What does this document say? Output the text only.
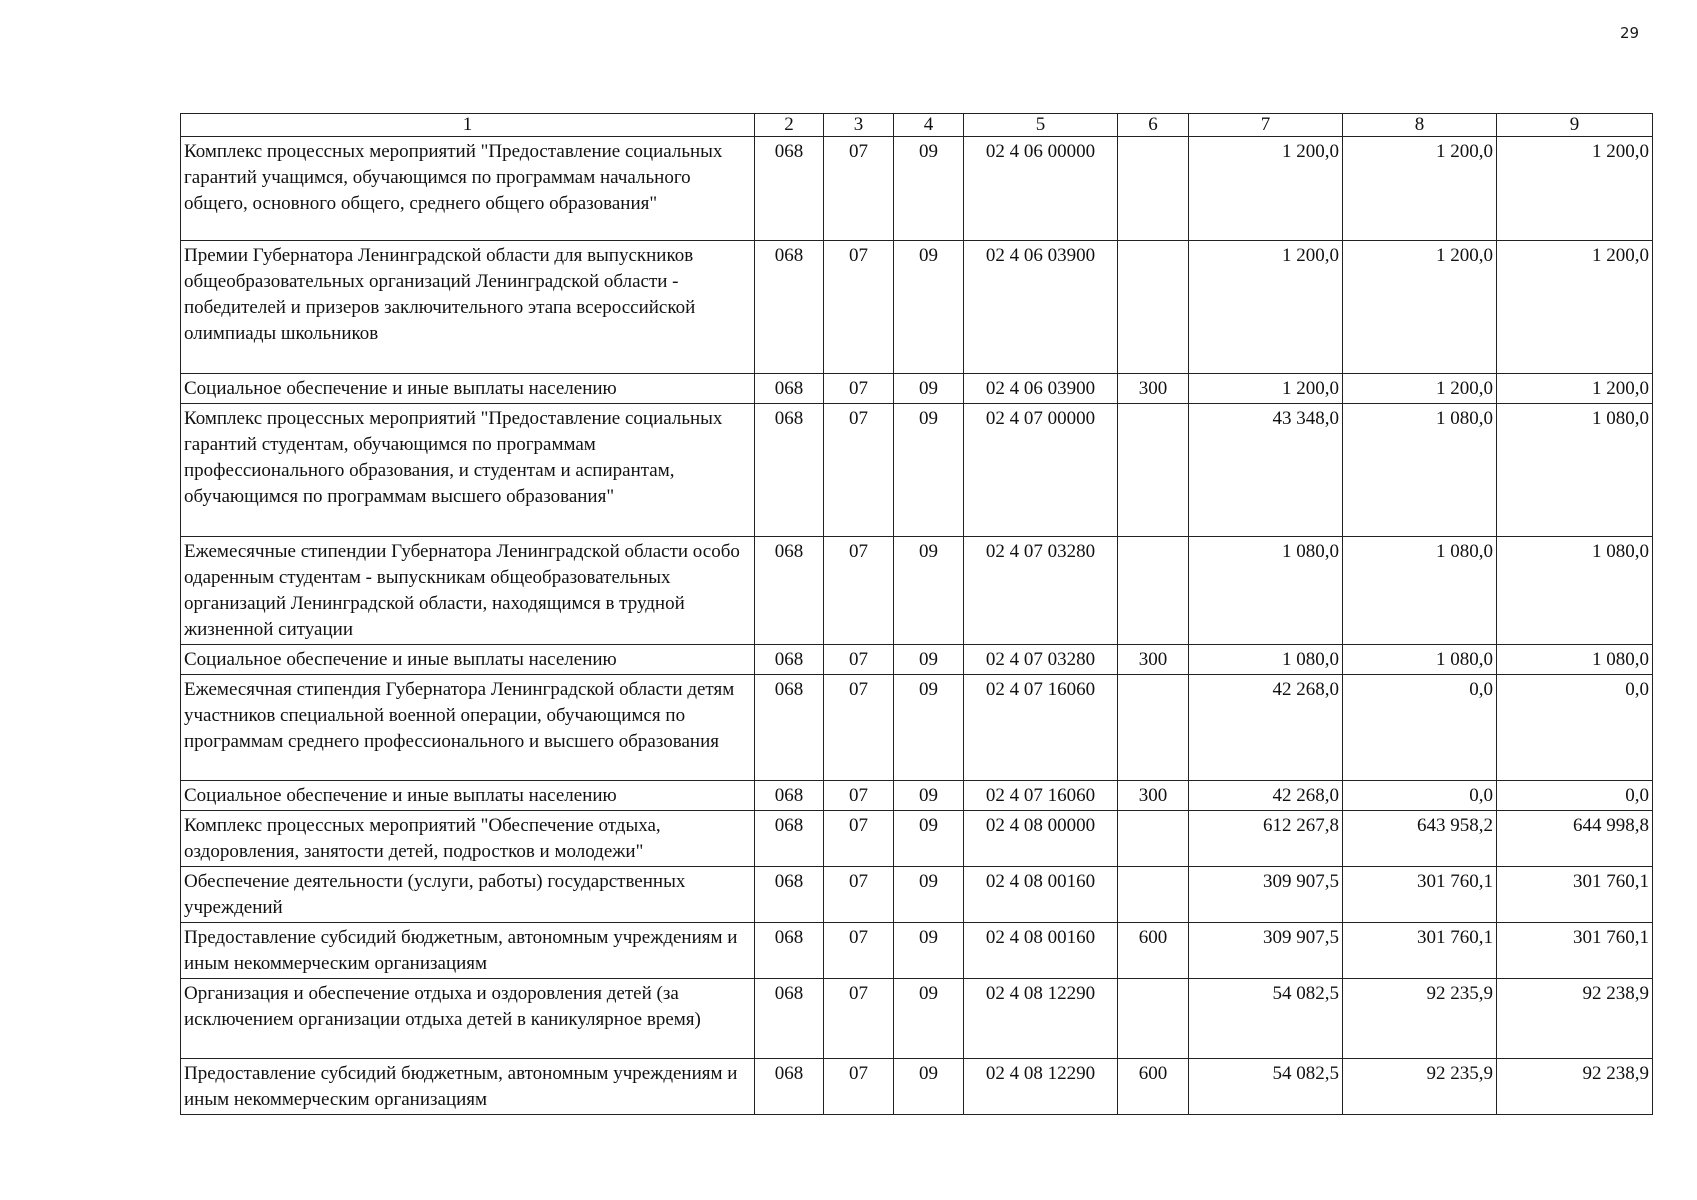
29
1	2	3	4	5	6	7	8	9
Комплекс процессных мероприятий "Предоставление социальных гарантий учащимся, обучающимся по программам начального общего, основного общего, среднего общего образования"	068	07	09	02 4 06 00000		1 200,0	1 200,0	1 200,0
Премии Губернатора Ленинградской области для выпускников общеобразовательных организаций Ленинградской области - победителей и призеров заключительного этапа всероссийской олимпиады школьников	068	07	09	02 4 06 03900		1 200,0	1 200,0	1 200,0
Социальное обеспечение и иные выплаты населению	068	07	09	02 4 06 03900	300	1 200,0	1 200,0	1 200,0
Комплекс процессных мероприятий "Предоставление социальных гарантий студентам, обучающимся по программам профессионального образования, и студентам и аспирантам, обучающимся по программам высшего образования"	068	07	09	02 4 07 00000		43 348,0	1 080,0	1 080,0
Ежемесячные стипендии Губернатора Ленинградской области особо одаренным студентам - выпускникам общеобразовательных организаций Ленинградской области, находящимся в трудной жизненной ситуации	068	07	09	02 4 07 03280		1 080,0	1 080,0	1 080,0
Социальное обеспечение и иные выплаты населению	068	07	09	02 4 07 03280	300	1 080,0	1 080,0	1 080,0
Ежемесячная стипендия Губернатора Ленинградской области детям участников специальной военной операции, обучающимся по программам среднего профессионального и высшего образования	068	07	09	02 4 07 16060		42 268,0	0,0	0,0
Социальное обеспечение и иные выплаты населению	068	07	09	02 4 07 16060	300	42 268,0	0,0	0,0
Комплекс процессных мероприятий "Обеспечение отдыха, оздоровления, занятости детей, подростков и молодежи"	068	07	09	02 4 08 00000		612 267,8	643 958,2	644 998,8
Обеспечение деятельности (услуги, работы) государственных учреждений	068	07	09	02 4 08 00160		309 907,5	301 760,1	301 760,1
Предоставление субсидий бюджетным, автономным учреждениям и иным некоммерческим организациям	068	07	09	02 4 08 00160	600	309 907,5	301 760,1	301 760,1
Организация и обеспечение отдыха и оздоровления детей (за исключением организации отдыха детей в каникулярное время)	068	07	09	02 4 08 12290		54 082,5	92 235,9	92 238,9
Предоставление субсидий бюджетным, автономным учреждениям и иным некоммерческим организациям	068	07	09	02 4 08 12290	600	54 082,5	92 235,9	92 238,9
